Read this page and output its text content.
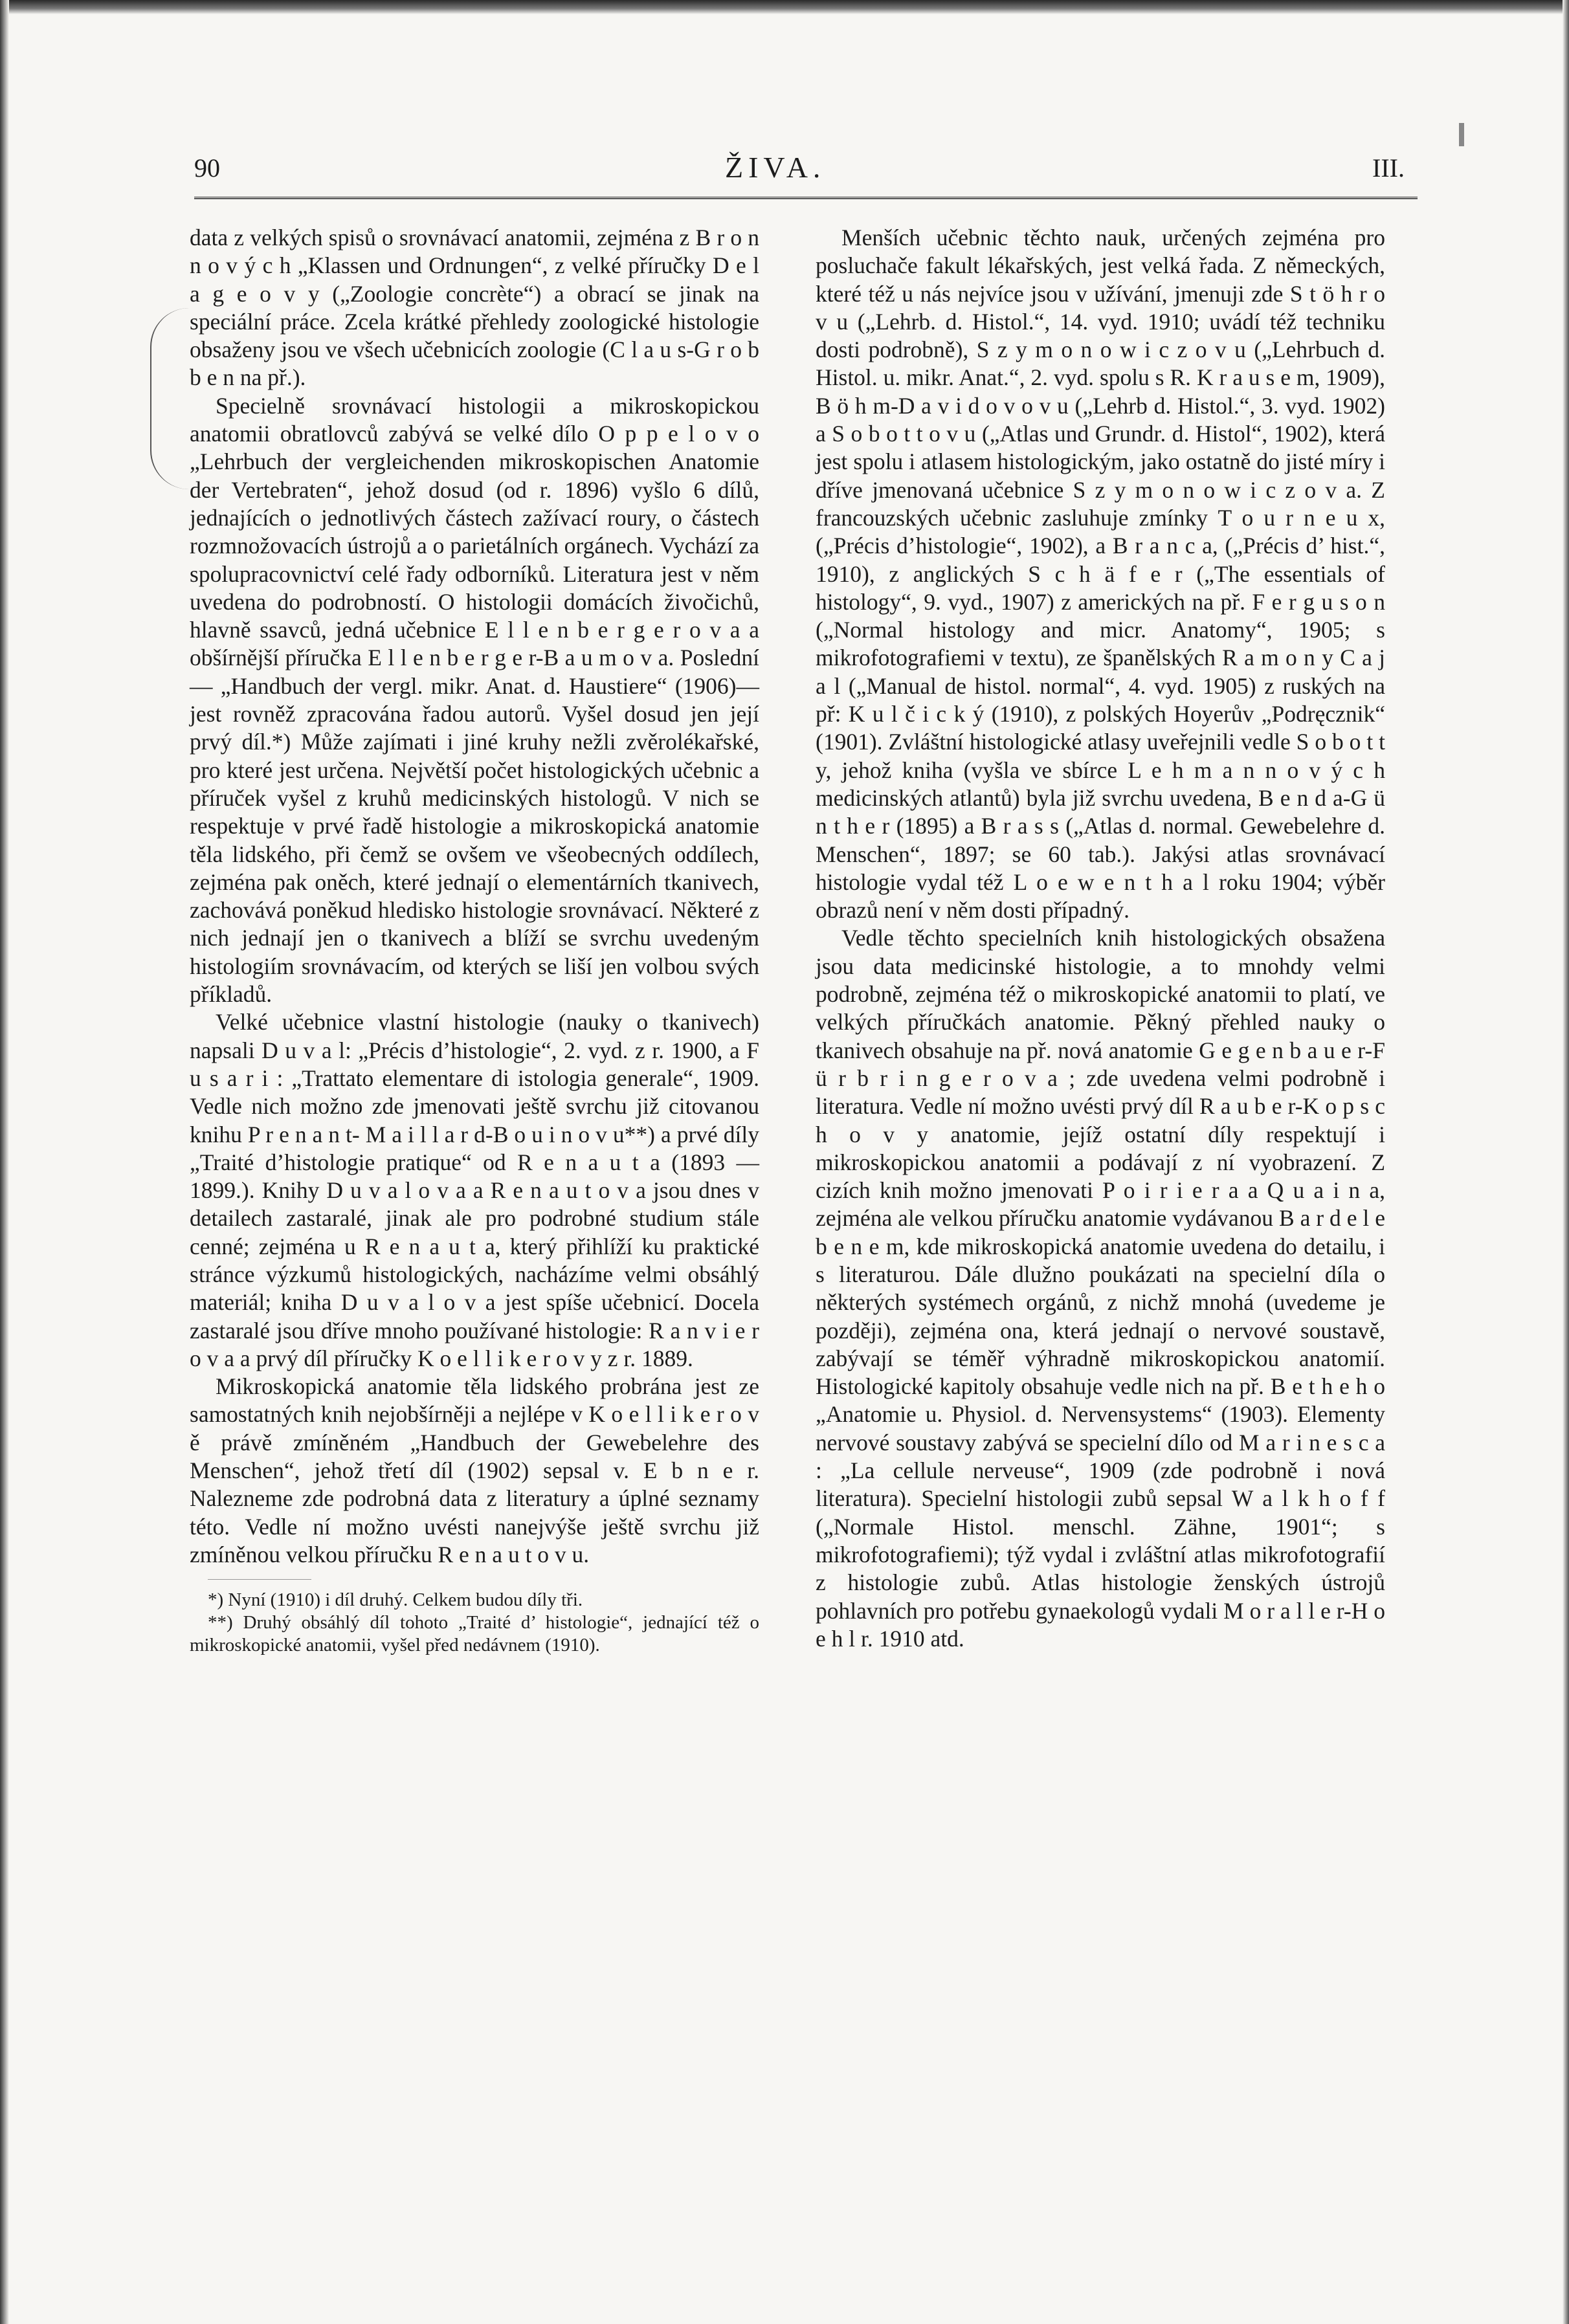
90	ŽIVA.	III.

data z velkých spisů o srovnávací anatomii, zejména z B r o n n o v ý c h „Klassen und Ordnungen“, z velké příručky D e l a g e o v y („Zoologie concrète“) a obrací se jinak na speciální práce. Zcela krátké přehledy zoologické histologie obsaženy jsou ve všech učebnicích zoologie (C l a u s-G r o b b e n na př.).

Specielně srovnávací histologii a mikroskopickou anatomii obratlovců zabývá se velké dílo O p p e l o v o „Lehrbuch der vergleichenden mikroskopischen Anatomie der Vertebraten“, jehož dosud (od r. 1896) vyšlo 6 dílů, jednajících o jednotlivých částech zažívací roury, o částech rozmnožovacích ústrojů a o parietálních orgánech. Vychází za spolupracovnictví celé řady odborníků. Literatura jest v něm uvedena do podrobností. O histologii domácích živočichů, hlavně ssavců, jedná učebnice E l l e n b e r g e r o v a a obšírnější příručka E l l e n b e r g e r-B a u m o v a. Poslední — „Handbuch der vergl. mikr. Anat. d. Haustiere“ (1906)— jest rovněž zpracována řadou autorů. Vyšel dosud jen její prvý díl.*) Může zajímati i jiné kruhy nežli zvěrolékařské, pro které jest určena. Největší počet histologických učebnic a příruček vyšel z kruhů medicinských histologů. V nich se respektuje v prvé řadě histologie a mikroskopická anatomie těla lidského, při čemž se ovšem ve všeobecných oddílech, zejména pak oněch, které jednají o elementárních tkanivech, zachovává poněkud hledisko histologie srovnávací. Některé z nich jednají jen o tkanivech a blíží se svrchu uvedeným histologiím srovnávacím, od kterých se liší jen volbou svých příkladů.

Velké učebnice vlastní histologie (nauky o tkanivech) napsali D u v a l: „Précis d’histologie“, 2. vyd. z r. 1900, a F u s a r i : „Trattato elementare di istologia generale“, 1909. Vedle nich možno zde jmenovati ještě svrchu již citovanou knihu P r e n a n t- M a i l l a r d-B o u i n o v u**) a prvé díly „Traité d’histologie pratique“ od R e n a u t a (1893 — 1899.). Knihy D u v a l o v a a R e n a u t o v a jsou dnes v detailech zastaralé, jinak ale pro podrobné studium stále cenné; zejména u R e n a u t a, který přihlíží ku praktické stránce výzkumů histologických, nacházíme velmi obsáhlý materiál; kniha D u v a l o v a jest spíše učebnicí. Docela zastaralé jsou dříve mnoho používané histologie: R a n v i e r o v a a prvý díl příručky K o e l l i k e r o v y z r. 1889.

Mikroskopická anatomie těla lidského probrána jest ze samostatných knih nejobšírněji a nejlépe v K o e l l i k e r o v ě právě zmíněném „Handbuch der Gewebelehre des Menschen“, jehož třetí díl (1902) sepsal v. E b n e r. Nalezneme zde podrobná data z literatury a úplné seznamy této. Vedle ní možno uvésti nanejvýše ještě svrchu již zmíněnou velkou příručku R e n a u t o v u.

*) Nyní (1910) i díl druhý. Celkem budou díly tři.

**) Druhý obsáhlý díl tohoto „Traité d’ histologie“, jednající též o mikroskopické anatomii, vyšel před nedávnem (1910).

Menších učebnic těchto nauk, určených zejména pro posluchače fakult lékařských, jest velká řada. Z německých, které též u nás nejvíce jsou v užívání, jmenuji zde S t ö h r o v u („Lehrb. d. Histol.“, 14. vyd. 1910; uvádí též techniku dosti podrobně), S z y m o n o w i c z o v u („Lehrbuch d. Histol. u. mikr. Anat.“, 2. vyd. spolu s R. K r a u s e m, 1909), B ö h m-D a v i d o v o v u („Lehrb d. Histol.“, 3. vyd. 1902) a S o b o t t o v u („Atlas und Grundr. d. Histol“, 1902), která jest spolu i atlasem histologickým, jako ostatně do jisté míry i dříve jmenovaná učebnice S z y m o n o w i c z o v a. Z francouzských učebnic zasluhuje zmínky T o u r n e u x, („Précis d’histologie“, 1902), a B r a n c a, („Précis d’ hist.“, 1910), z anglických S c h ä f e r („The essentials of histology“, 9. vyd., 1907) z amerických na př. F e r g u s o n („Normal histology and micr. Anatomy“, 1905; s mikrofotografiemi v textu), ze španělských R a m o n y C a j a l („Manual de histol. normal“, 4. vyd. 1905) z ruských na př: K u l č i c k ý (1910), z polských Hoyerův „Podręcznik“ (1901). Zvláštní histologické atlasy uveřejnili vedle S o b o t t y, jehož kniha (vyšla ve sbírce L e h m a n n o v ý c h medicinských atlantů) byla již svrchu uvedena, B e n d a-G ü n t h e r (1895) a B r a s s („Atlas d. normal. Gewebelehre d. Menschen“, 1897; se 60 tab.). Jakýsi atlas srovnávací histologie vydal též L o e w e n t h a l roku 1904; výběr obrazů není v něm dosti případný.

Vedle těchto specielních knih histologických obsažena jsou data medicinské histologie, a to mnohdy velmi podrobně, zejména též o mikroskopické anatomii to platí, ve velkých příručkách anatomie. Pěkný přehled nauky o tkanivech obsahuje na př. nová anatomie G e g e n b a u e r-F ü r b r i n g e r o v a ; zde uvedena velmi podrobně i literatura. Vedle ní možno uvésti prvý díl R a u b e r-K o p s c h o v y anatomie, jejíž ostatní díly respektují i mikroskopickou anatomii a podávají z ní vyobrazení. Z cizích knih možno jmenovati P o i r i e r a a Q u a i n a, zejména ale velkou příručku anatomie vydávanou B a r d e l e b e n e m, kde mikroskopická anatomie uvedena do detailu, i s literaturou. Dále dlužno poukázati na specielní díla o některých systémech orgánů, z nichž mnohá (uvedeme je později), zejména ona, která jednají o nervové soustavě, zabývají se téměř výhradně mikroskopickou anatomií. Histologické kapitoly obsahuje vedle nich na př. B e t h e h o „Anatomie u. Physiol. d. Nervensystems“ (1903). Elementy nervové soustavy zabývá se specielní dílo od M a r i n e s c a : „La cellule nerveuse“, 1909 (zde podrobně i nová literatura). Specielní histologii zubů sepsal W a l k h o f f („Normale Histol. menschl. Zähne, 1901“; s mikrofotografiemi); týž vydal i zvláštní atlas mikrofotografií z histologie zubů. Atlas histologie ženských ústrojů pohlavních pro potřebu gynaekologů vydali M o r a l l e r-H o e h l r. 1910 atd.
